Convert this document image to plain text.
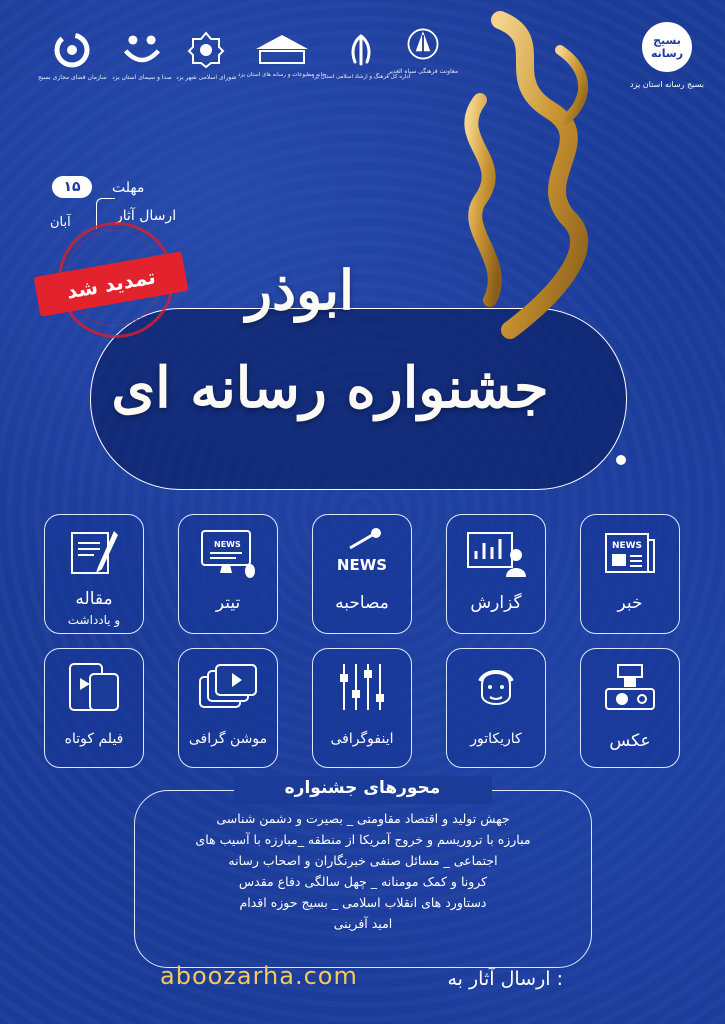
بسیج رسانه
بسیج رسانه استان یزد
معاونت فرهنگی سپاه الغدیر
اداره کل فرهنگ و ارشاد اسلامی استان یزد
خانه مطبوعات و رسانه های استان یزد
شورای اسلامی شهر یزد
صدا و سیمای استان یزد
سازمان فضای مجازی بسیج
۱۵
آبان
مهلت
ارسال آثار
ابوذر
جشنواره رسانه ای
تمدید شد
NEWS
خبر
گزارش
NEWS
مصاحبه
NEWS
تیتر
مقاله
و یادداشت
عکس
کاریکاتور
اینفوگرافی
موشن گرافی
فیلم کوتاه
محورهای جشنواره
جهش تولید و اقتصاد مقاومتی _ بصیرت و دشمن شناسی
مبارزه با تروریسم و خروج آمریکا از منطقه _مبارزه با آسیب های
اجتماعی _ مسائل صنفی خبرنگاران و اصحاب رسانه
کرونا و کمک مومنانه _ چهل سالگی دفاع مقدس
دستاورد های انقلاب اسلامی _ بسیج حوزه اقدام
امید آفرینی
ارسال آثار به :
aboozarha.com
